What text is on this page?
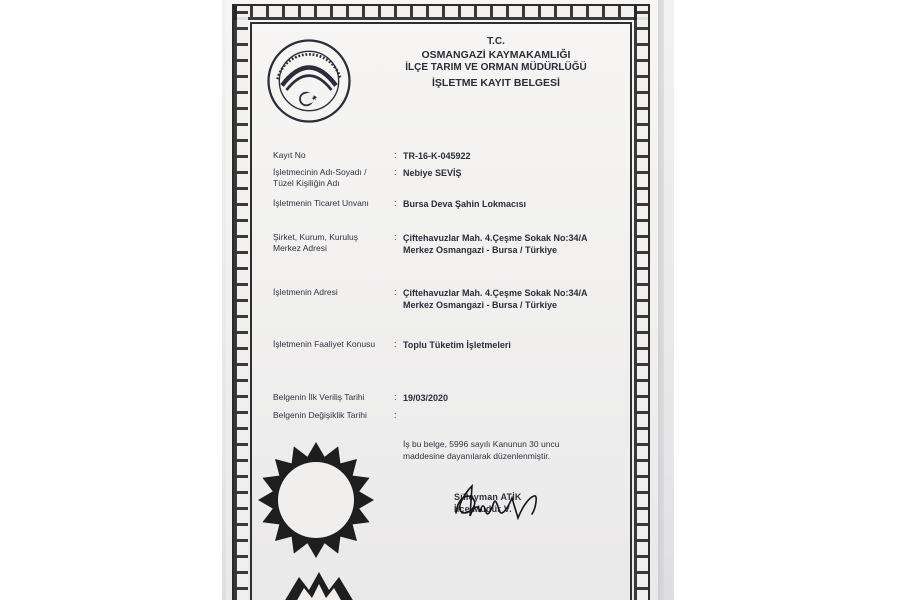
T.C.
OSMANGAZİ KAYMAKAMLIĞI
İLÇE TARIM VE ORMAN MÜDÜRLÜĞÜ
İŞLETME KAYIT BELGESİ
Kayıt No	: TR-16-K-045922
İşletmecinin Adı-Soyadı / Tüzel Kişiliğin Adı
: Nebiye SEVİŞ
İşletmenin Ticaret Unvanı	: Bursa Deva Şahin Lokmacısı
Şirket, Kurum, Kuruluş Merkez Adresi
: Çiftehavuzlar Mah. 4.Çeşme Sokak No:34/A Merkez Osmangazi - Bursa / Türkiye
İşletmenin Adresi	: Çiftehavuzlar Mah. 4.Çeşme Sokak No:34/A Merkez Osmangazi - Bursa / Türkiye
İşletmenin Faaliyet Konusu	: Toplu Tüketim İşletmeleri
Belgenin İlk Veriliş Tarihi	: 19/03/2020
Belgenin Değişiklik Tarihi	:
İş bu belge, 5996 sayılı Kanunun 30 uncu maddesine dayanılarak düzenlenmiştir.
Süleyman ATİK
İlçe Müdür V.
